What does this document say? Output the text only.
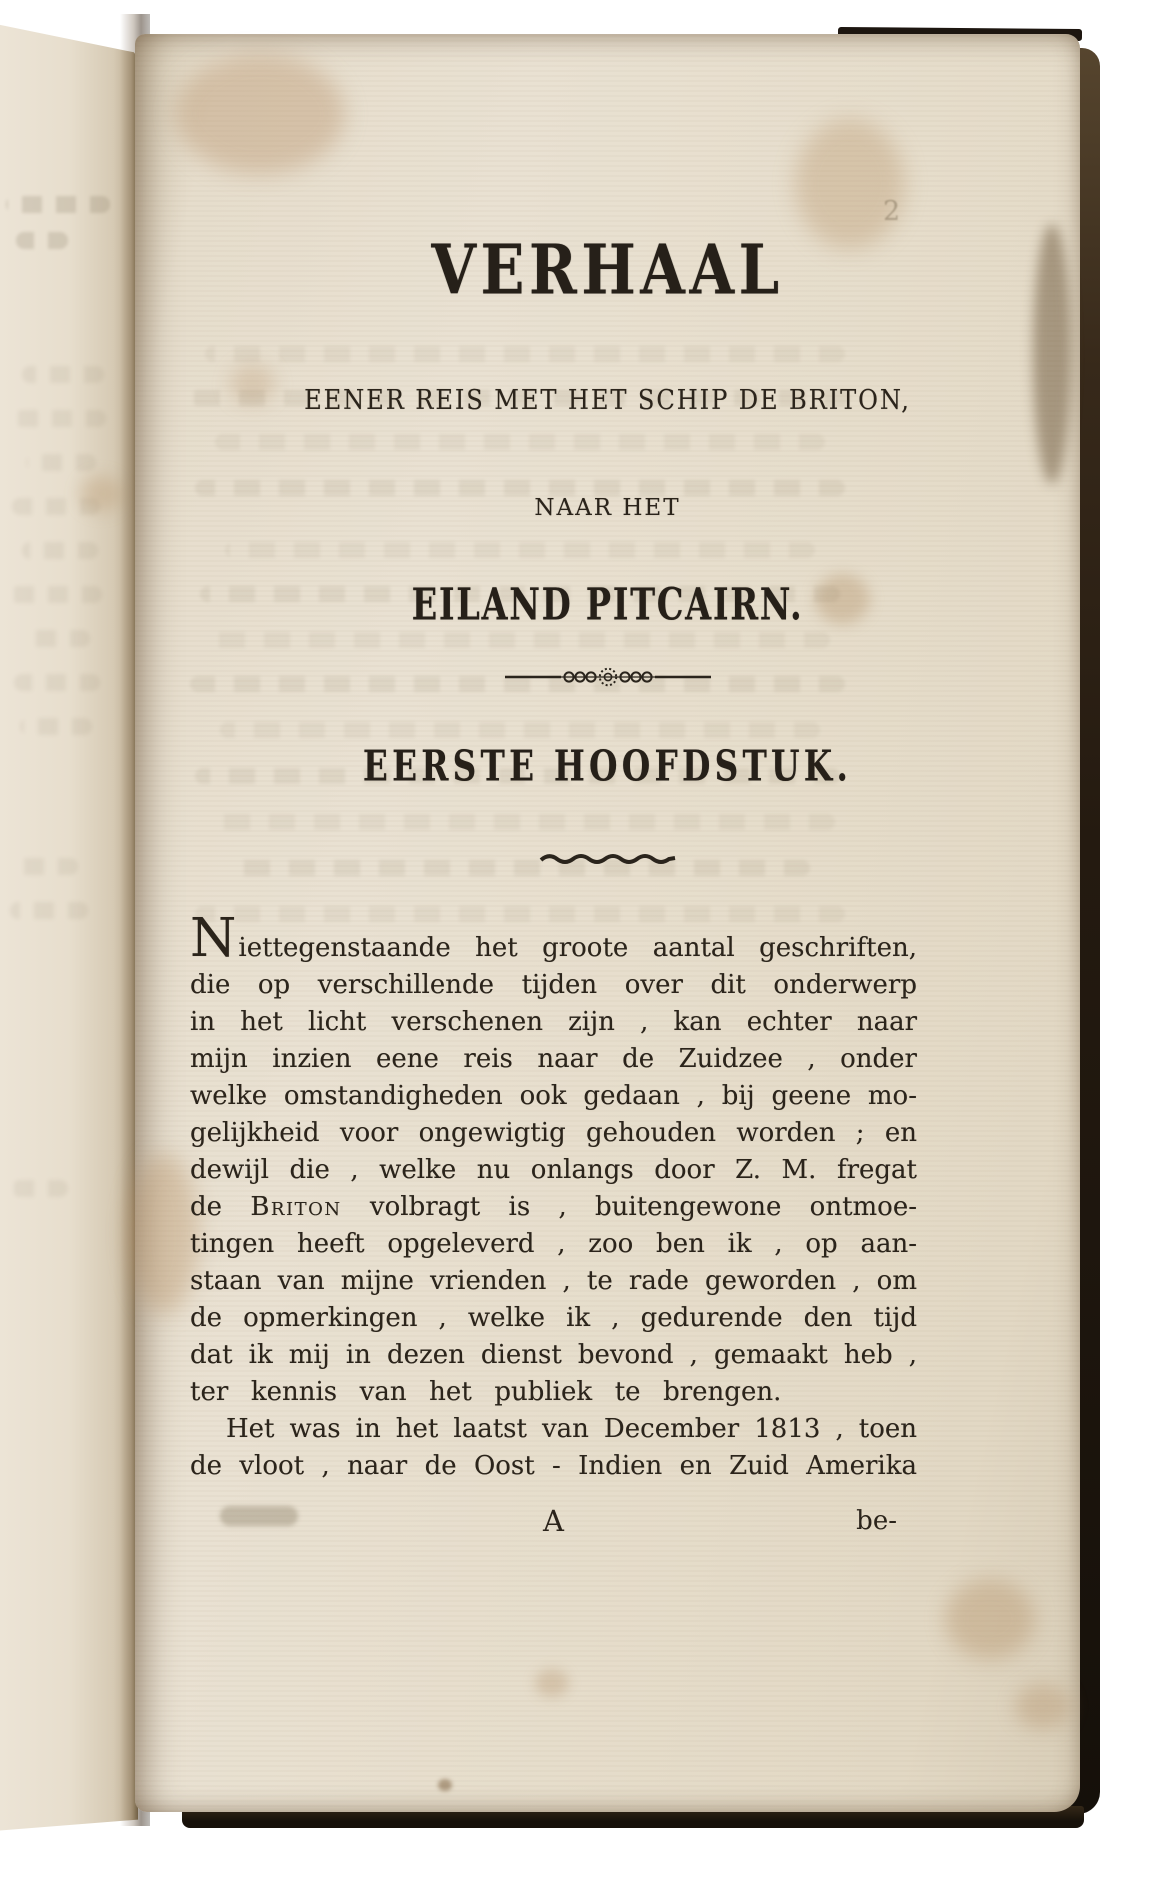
2
VERHAAL
EENER REIS MET HET SCHIP DE BRITON,
NAAR HET
EILAND PITCAIRN.
EERSTE HOOFDSTUK.
Niettegenstaande het groote aantal geschriften,
die op verschillende tijden over dit onderwerp
in het licht verschenen zijn , kan echter naar
mijn inzien eene reis naar de Zuidzee , onder
welke omstandigheden ook gedaan , bij geene mo-
gelijkheid voor ongewigtig gehouden worden ; en
dewijl die , welke nu onlangs door Z. M. fregat
de Briton volbragt is , buitengewone ontmoe-
tingen heeft opgeleverd , zoo ben ik , op aan-
staan van mijne vrienden , te rade geworden , om
de opmerkingen , welke ik , gedurende den tijd
dat ik mij in dezen dienst bevond , gemaakt heb ,
ter kennis van het publiek te brengen.
Het was in het laatst van December 1813 , toen
de vloot , naar de Oost - Indien en Zuid Amerika
A	be-
